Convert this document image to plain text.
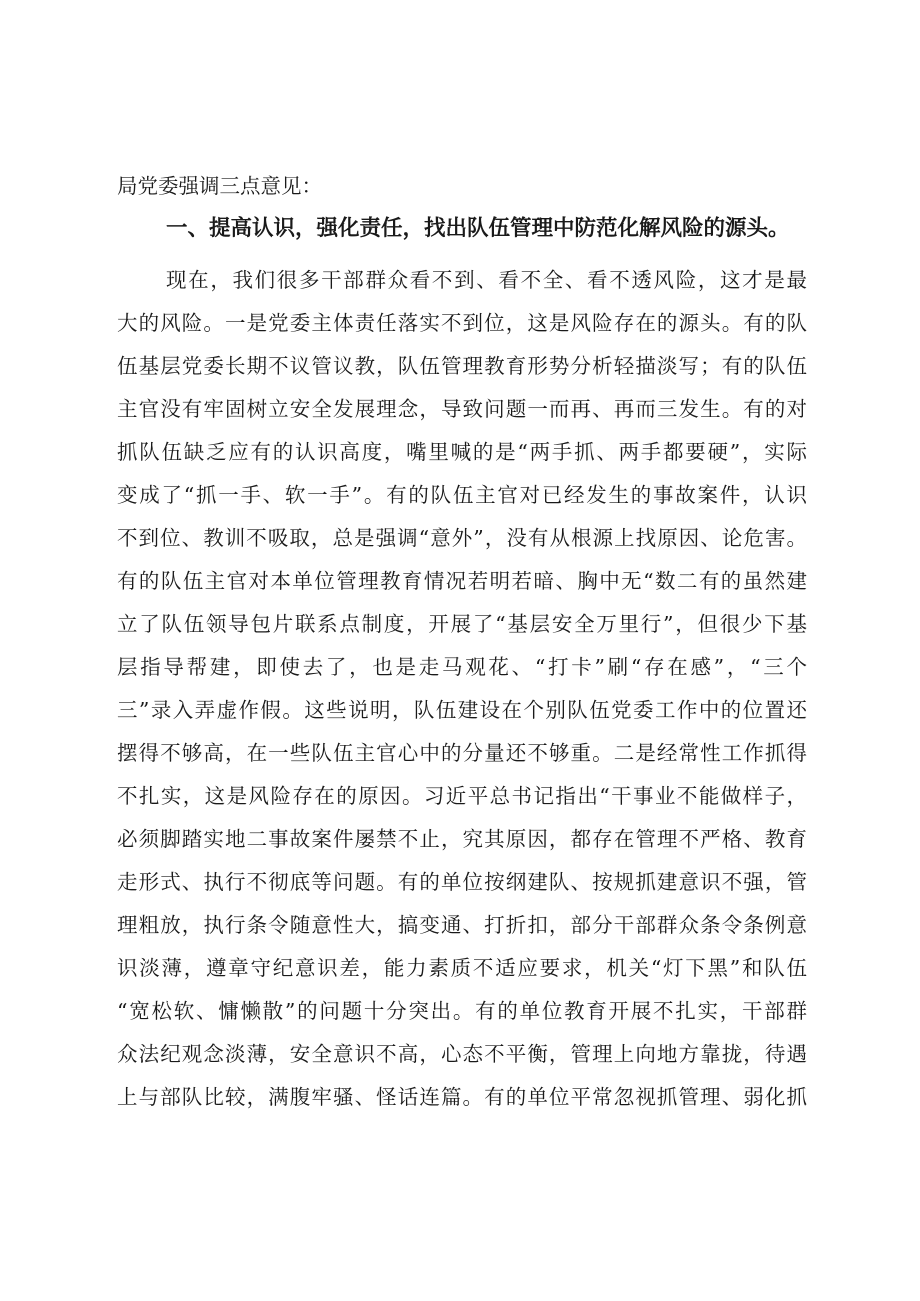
局党委强调三点意见：
一、提高认识，强化责任，找出队伍管理中防范化解风险的源头。
现在，我们很多干部群众看不到、看不全、看不透风险，这才是最
大的风险。一是党委主体责任落实不到位，这是风险存在的源头。有的队
伍基层党委长期不议管议教，队伍管理教育形势分析轻描淡写；有的队伍
主官没有牢固树立安全发展理念，导致问题一而再、再而三发生。有的对
抓队伍缺乏应有的认识高度，嘴里喊的是“两手抓、两手都要硬”，实际
变成了“抓一手、软一手”。有的队伍主官对已经发生的事故案件，认识
不到位、教训不吸取，总是强调“意外”，没有从根源上找原因、论危害。
有的队伍主官对本单位管理教育情况若明若暗、胸中无“数二有的虽然建
立了队伍领导包片联系点制度，开展了“基层安全万里行”，但很少下基
层指导帮建，即使去了，也是走马观花、“打卡”刷“存在感”，“三个
三”录入弄虚作假。这些说明，队伍建设在个别队伍党委工作中的位置还
摆得不够高，在一些队伍主官心中的分量还不够重。二是经常性工作抓得
不扎实，这是风险存在的原因。习近平总书记指出“干事业不能做样子，
必须脚踏实地二事故案件屡禁不止，究其原因，都存在管理不严格、教育
走形式、执行不彻底等问题。有的单位按纲建队、按规抓建意识不强，管
理粗放，执行条令随意性大，搞变通、打折扣，部分干部群众条令条例意
识淡薄，遵章守纪意识差，能力素质不适应要求，机关“灯下黑”和队伍
“宽松软、慵懒散”的问题十分突出。有的单位教育开展不扎实，干部群
众法纪观念淡薄，安全意识不高，心态不平衡，管理上向地方靠拢，待遇
上与部队比较，满腹牢骚、怪话连篇。有的单位平常忽视抓管理、弱化抓
